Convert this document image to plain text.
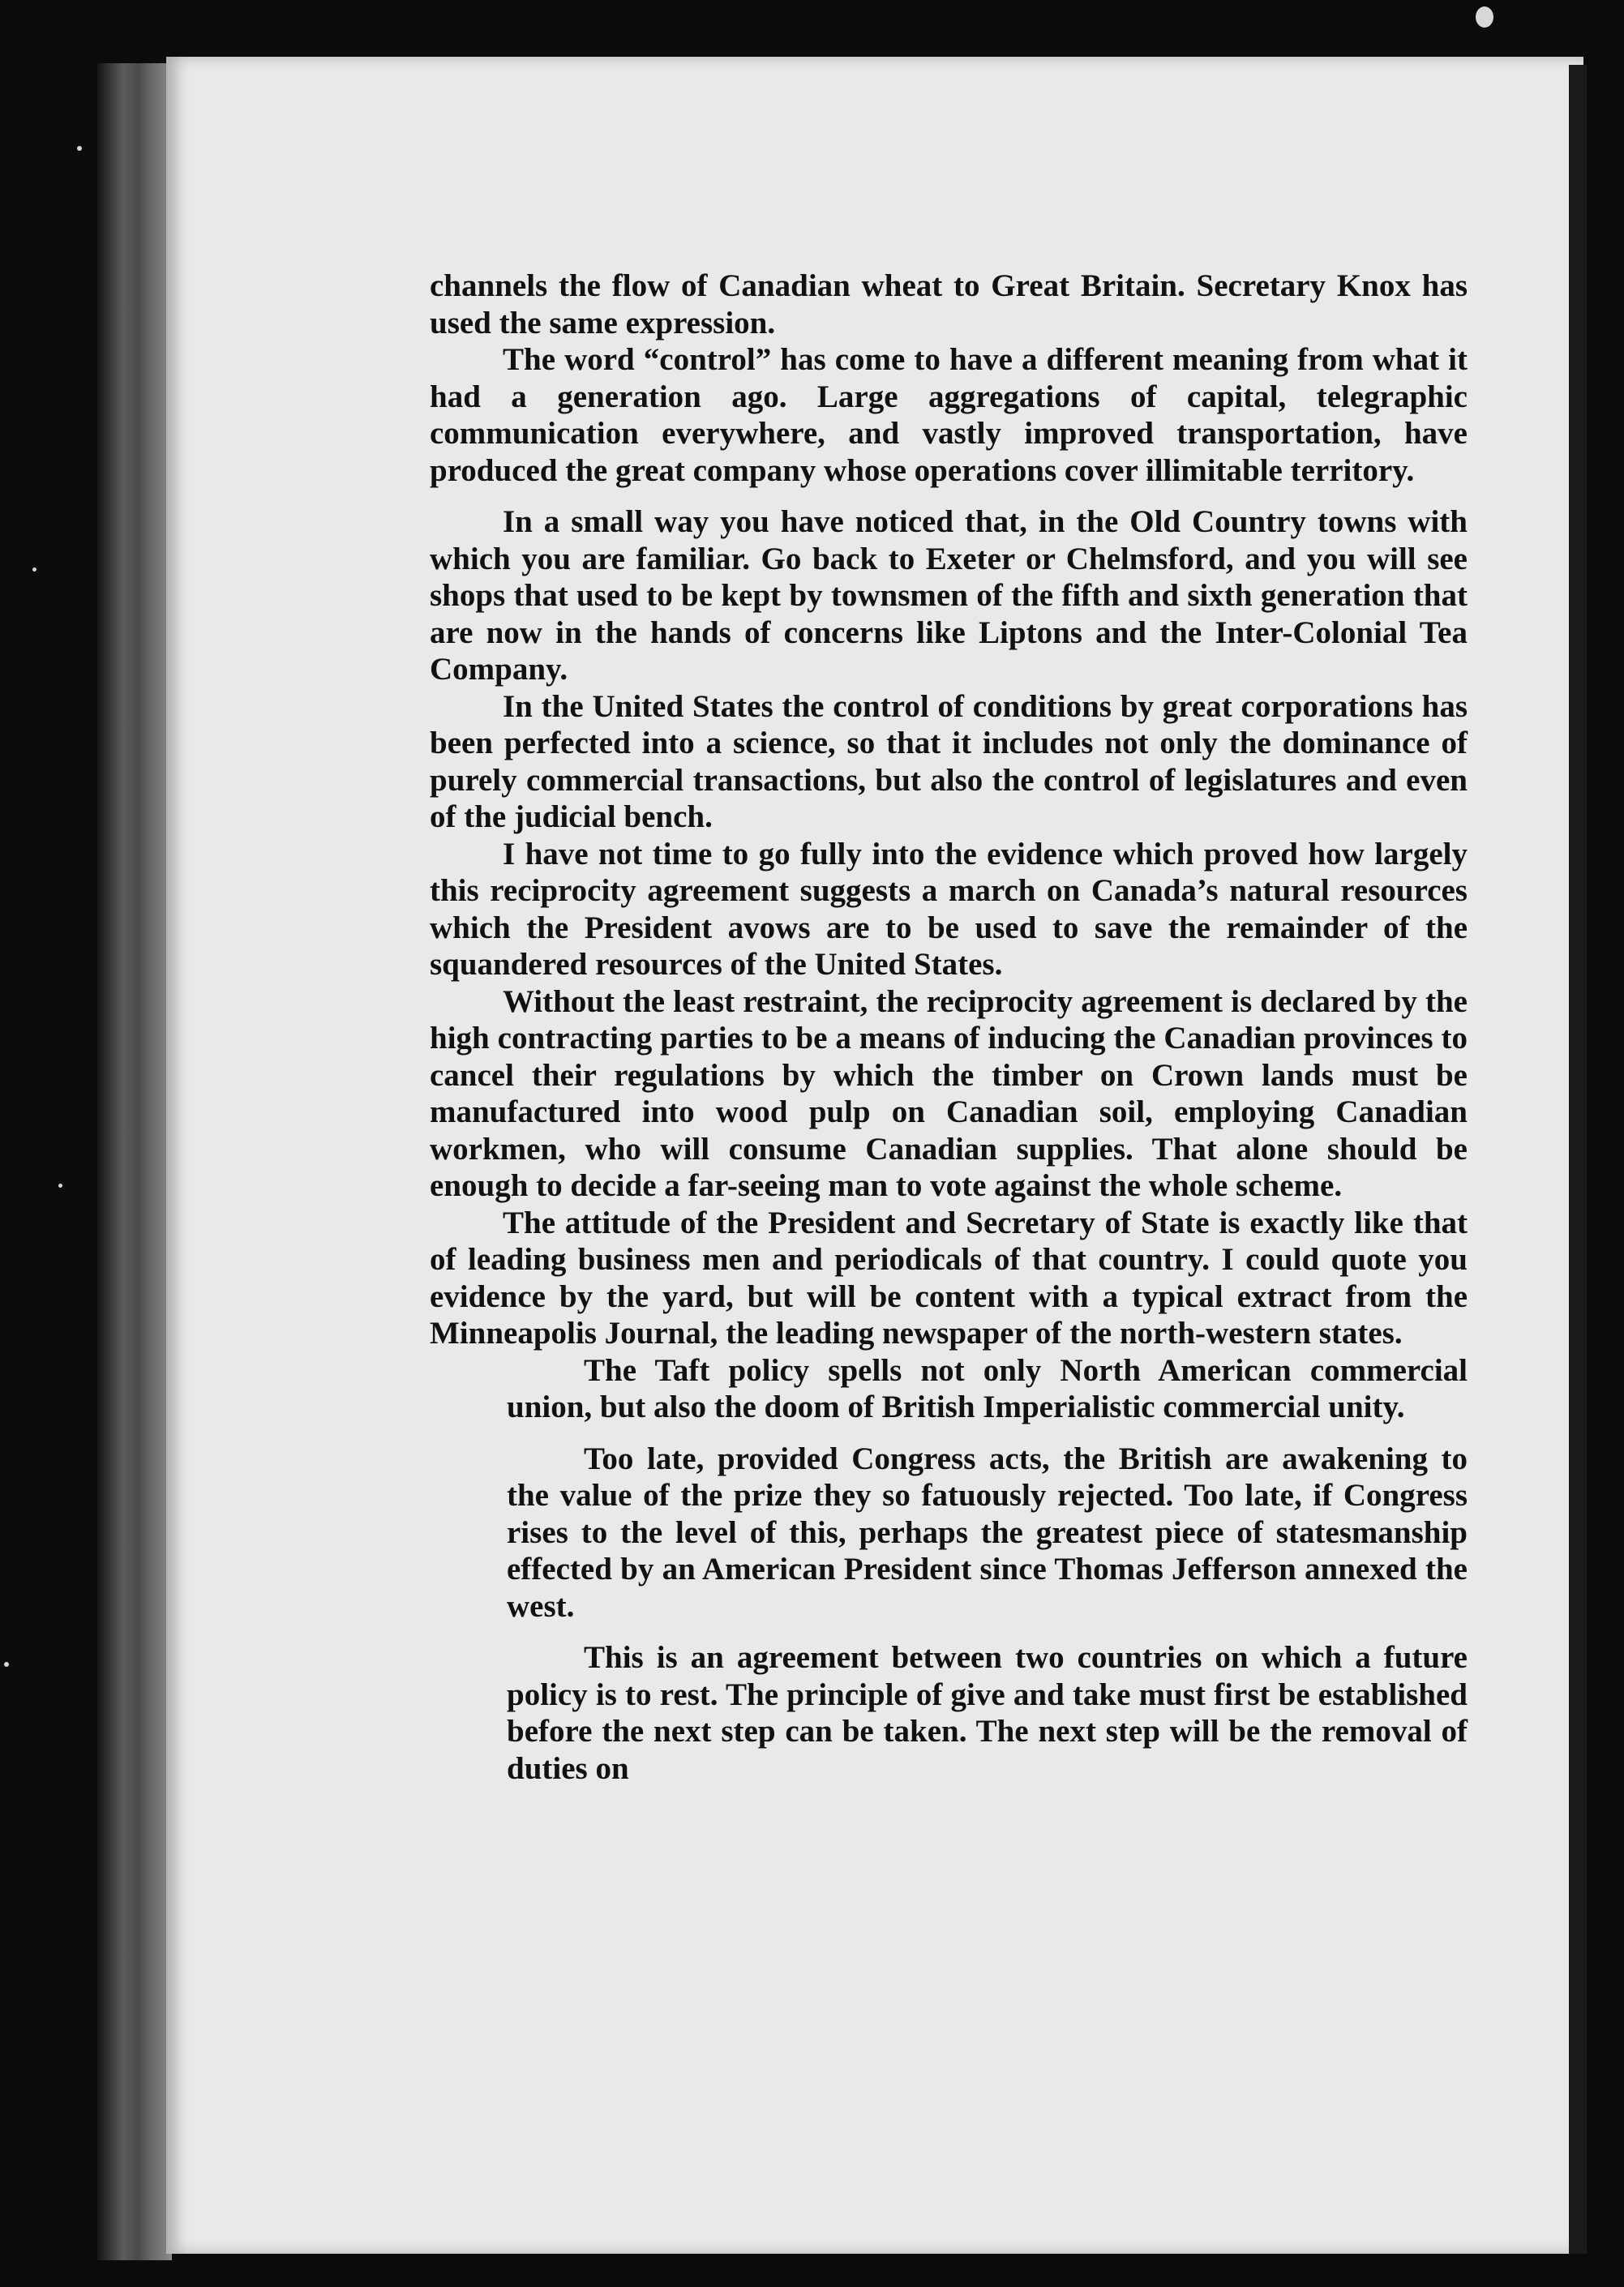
channels the flow of Canadian wheat to Great Britain. Secretary Knox has used the same expression.

The word “control” has come to have a different meaning from what it had a generation ago. Large aggregations of capital, telegraphic communication everywhere, and vastly improved transportation, have produced the great company whose operations cover illimitable territory.

In a small way you have noticed that, in the Old Country towns with which you are familiar. Go back to Exeter or Chelmsford, and you will see shops that used to be kept by townsmen of the fifth and sixth generation that are now in the hands of concerns like Liptons and the Inter-Colonial Tea Company.

In the United States the control of conditions by great corporations has been perfected into a science, so that it includes not only the dominance of purely commercial transactions, but also the control of legislatures and even of the judicial bench.

I have not time to go fully into the evidence which proved how largely this reciprocity agreement suggests a march on Canada’s natural resources which the President avows are to be used to save the remainder of the squandered resources of the United States.

Without the least restraint, the reciprocity agreement is declared by the high contracting parties to be a means of inducing the Canadian provinces to cancel their regulations by which the timber on Crown lands must be manufactured into wood pulp on Canadian soil, employing Canadian workmen, who will consume Canadian supplies. That alone should be enough to decide a far-seeing man to vote against the whole scheme.

The attitude of the President and Secretary of State is exactly like that of leading business men and periodicals of that country. I could quote you evidence by the yard, but will be content with a typical extract from the Minneapolis Journal, the leading newspaper of the north-western states.

The Taft policy spells not only North American commercial union, but also the doom of British Imperialistic commercial unity.

Too late, provided Congress acts, the British are awakening to the value of the prize they so fatuously rejected. Too late, if Congress rises to the level of this, perhaps the greatest piece of statesmanship effected by an American President since Thomas Jefferson annexed the west.

This is an agreement between two countries on which a future policy is to rest. The principle of give and take must first be established before the next step can be taken. The next step will be the removal of duties on
